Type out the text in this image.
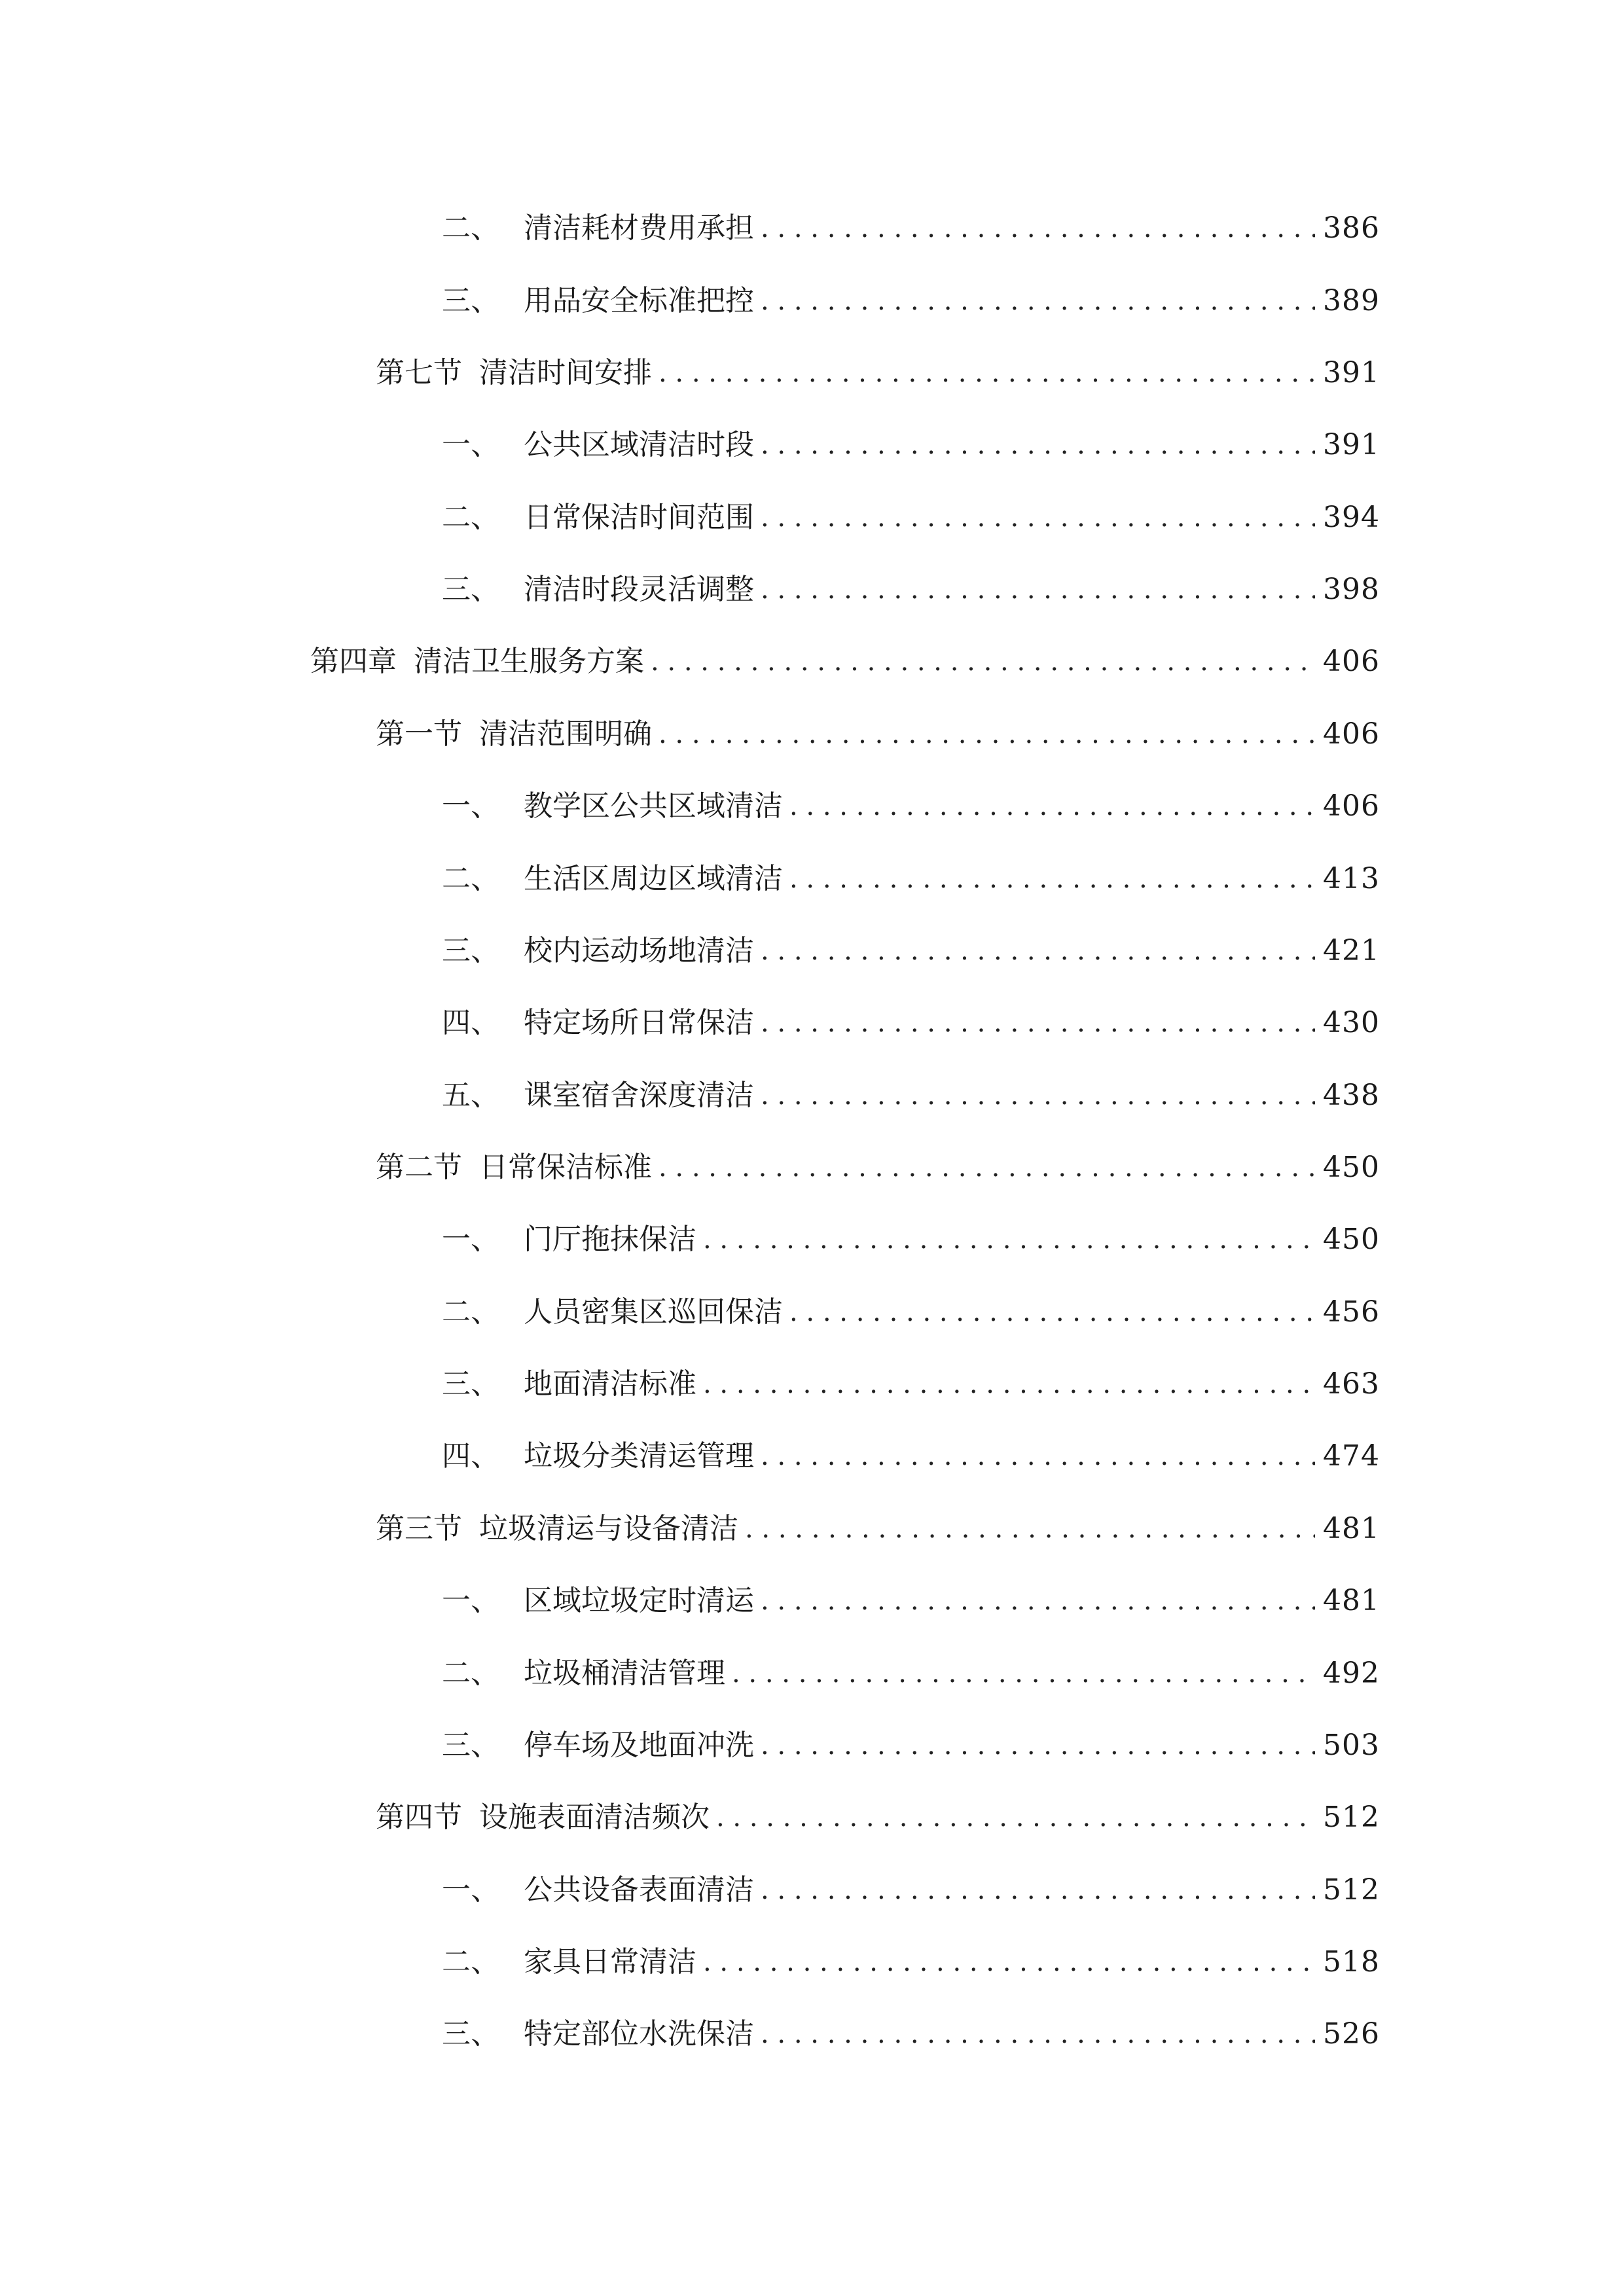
二、 清洁耗材费用承担 . . .	386
三、 用品安全标准把控 . . .	389
第七节 清洁时间安排 . . .	391
一、 公共区域清洁时段 . . .	391
二、 日常保洁时间范围 . . .	394
三、 清洁时段灵活调整 . . .	398
第四章 清洁卫生服务方案 . . .	406
第一节 清洁范围明确 . . .	406
一、 教学区公共区域清洁 . . .	406
二、 生活区周边区域清洁 . . .	413
三、 校内运动场地清洁 . . .	421
四、 特定场所日常保洁 . . .	430
五、 课室宿舍深度清洁 . . .	438
第二节 日常保洁标准 . . .	450
一、 门厅拖抹保洁 . . .	450
二、 人员密集区巡回保洁 . . .	456
三、 地面清洁标准 . . .	463
四、 垃圾分类清运管理 . . .	474
第三节 垃圾清运与设备清洁 . . .	481
一、 区域垃圾定时清运 . . .	481
二、 垃圾桶清洁管理 . . .	492
三、 停车场及地面冲洗 . . .	503
第四节 设施表面清洁频次 . . .	512
一、 公共设备表面清洁 . . .	512
二、 家具日常清洁 . . .	518
三、 特定部位水洗保洁 . . .	526
